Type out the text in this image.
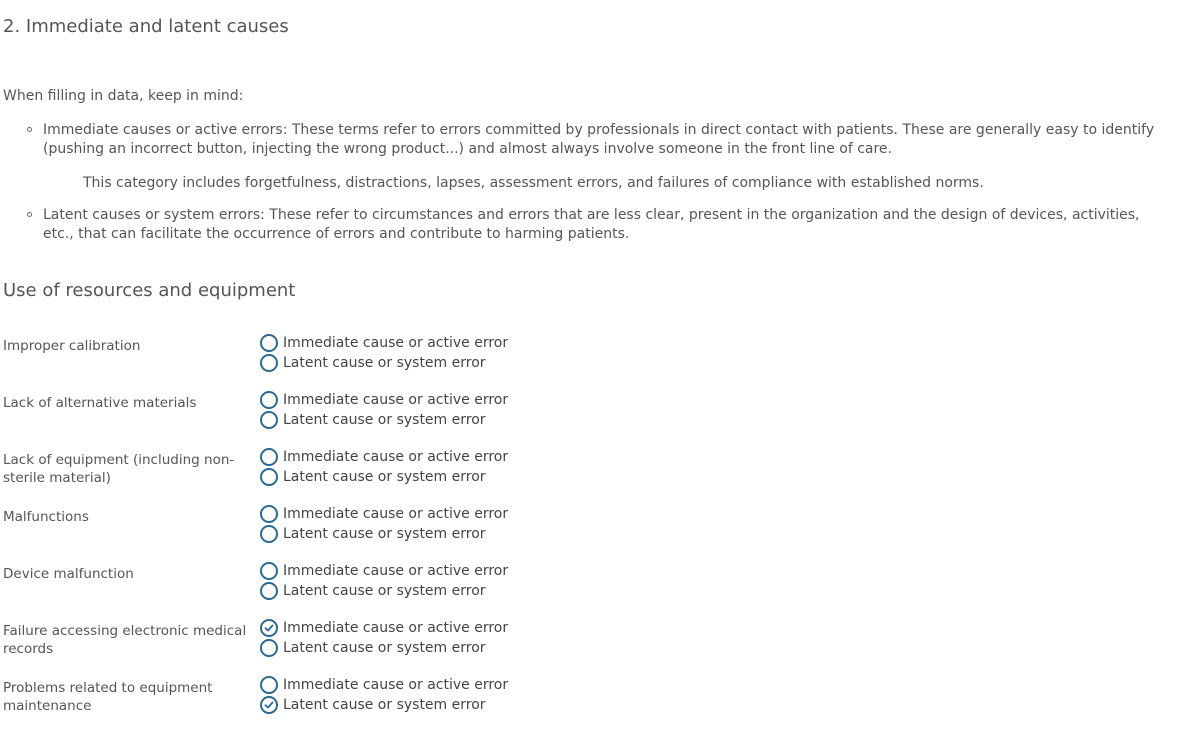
2. Immediate and latent causes

When filling in data, keep in mind:

Immediate causes or active errors: These terms refer to errors committed by professionals in direct contact with patients. These are generally easy to identify (pushing an incorrect button, injecting the wrong product...) and almost always involve someone in the front line of care.

This category includes forgetfulness, distractions, lapses, assessment errors, and failures of compliance with established norms.

Latent causes or system errors: These refer to circumstances and errors that are less clear, present in the organization and the design of devices, activities, etc., that can facilitate the occurrence of errors and contribute to harming patients.
Use of resources and equipment
Improper calibration	Immediate cause or active error
Latent cause or system error
Lack of alternative materials	Immediate cause or active error
Latent cause or system error
Lack of equipment (including non-sterile material)
Immediate cause or active error
Latent cause or system error
Malfunctions	Immediate cause or active error
Latent cause or system error
Device malfunction	Immediate cause or active error
Latent cause or system error
Failure accessing electronic medical records
Immediate cause or active error
Latent cause or system error
Problems related to equipment maintenance
Immediate cause or active error
Latent cause or system error
